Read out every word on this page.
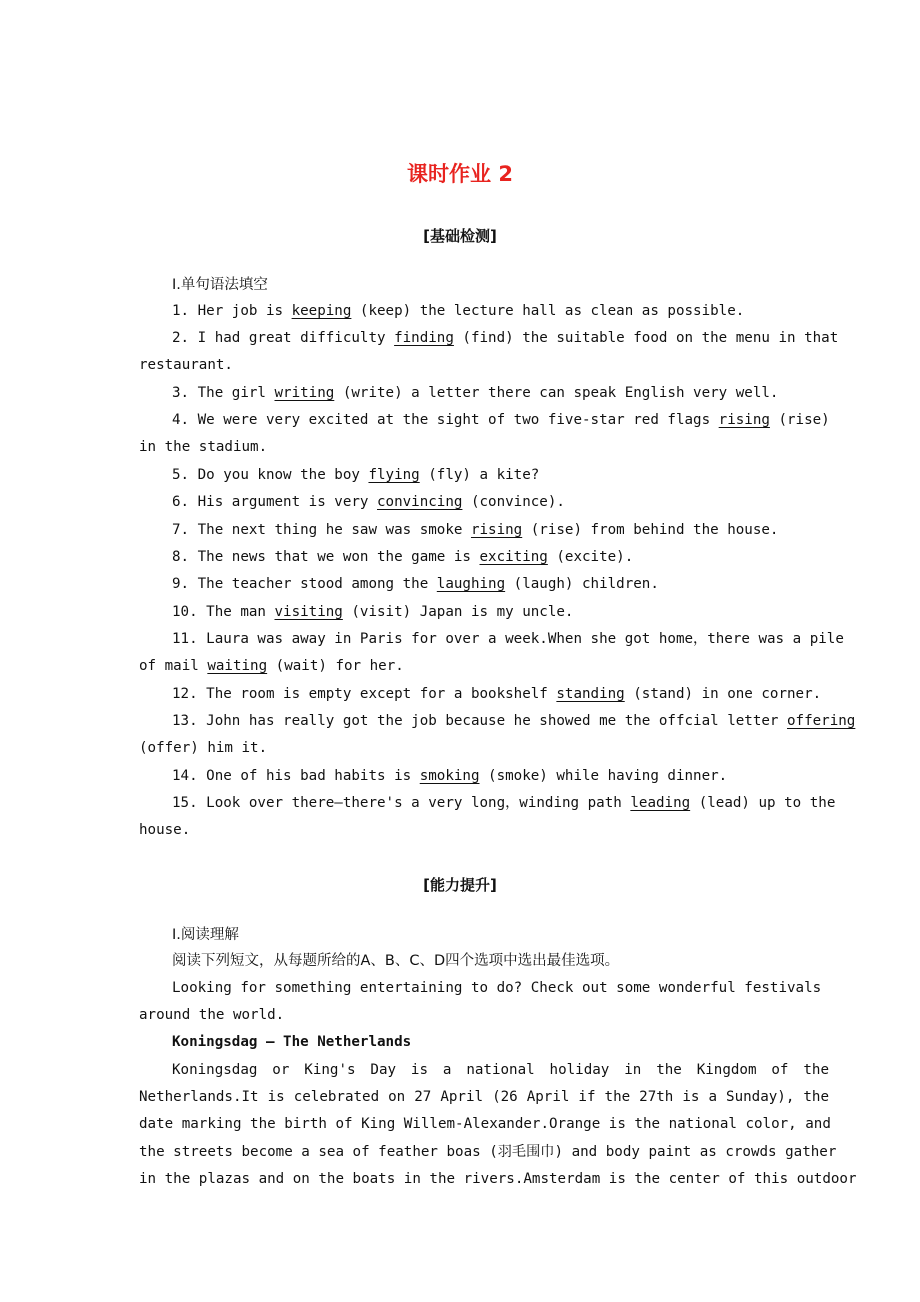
课时作业 2
[基础检测]
Ⅰ.单句语法填空
1. Her job is keeping (keep) the lecture hall as clean as possible.
2. I had great difficulty finding (find) the suitable food on the menu in that
restaurant.
3. The girl writing (write) a letter there can speak English very well.
4. We were very excited at the sight of two five-star red flags rising (rise)
in the stadium.
5. Do you know the boy flying (fly) a kite?
6. His argument is very convincing (convince).
7. The next thing he saw was smoke rising (rise) from behind the house.
8. The news that we won the game is exciting (excite).
9. The teacher stood among the laughing (laugh) children.
10. The man visiting (visit) Japan is my uncle.
11. Laura was away in Paris for over a week.When she got home，there was a pile
of mail waiting (wait) for her.
12. The room is empty except for a bookshelf standing (stand) in one corner.
13. John has really got the job because he showed me the offcial letter offering
(offer) him it.
14. One of his bad habits is smoking (smoke) while having dinner.
15. Look over there—there's a very long，winding path leading (lead) up to the
house.
[能力提升]
Ⅰ.阅读理解
阅读下列短文，从每题所给的A、B、C、D四个选项中选出最佳选项。
Looking for something entertaining to do? Check out some wonderful festivals
around the world.
Koningsdag — The Netherlands
Koningsdag or King's Day is a national holiday in the Kingdom of the
Netherlands.It is celebrated on 27 April (26 April if the 27th is a Sunday), the
date marking the birth of King Willem-Alexander.Orange is the national color, and
the streets become a sea of feather boas (羽毛围巾) and body paint as crowds gather
in the plazas and on the boats in the rivers.Amsterdam is the center of this outdoor
